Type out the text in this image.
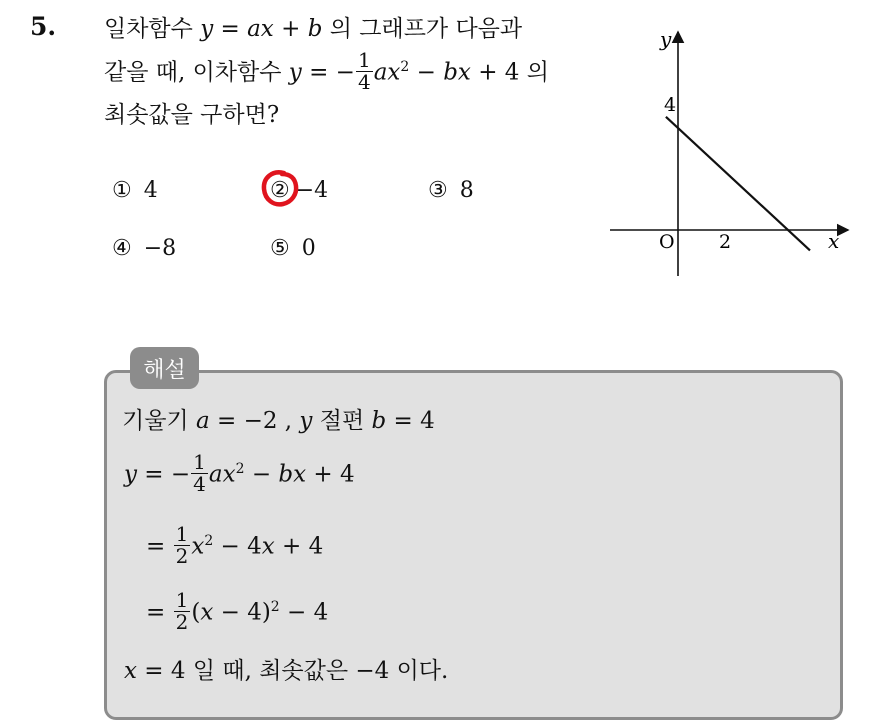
5. 일차함수 y = ax + b 의 그래프가 다음과
같을 때, 이차함수 y = − $\frac{1}{4} ax^2$ − bx + 4 의
최솟값을 구하면?
① 4	② −4	③ 8
④ −8	⑤ 0
y
x
O
4
2
해설
기울기 a = −2 , y 절편 b = 4
y = − $\frac{1}{4} ax^2$ − bx + 4
= $\frac{1}{2} x^2 - 4x + 4$
= $\frac{1}{2} (x - 4)^2 - 4$
x = 4 일 때, 최솟값은 −4 이다.
